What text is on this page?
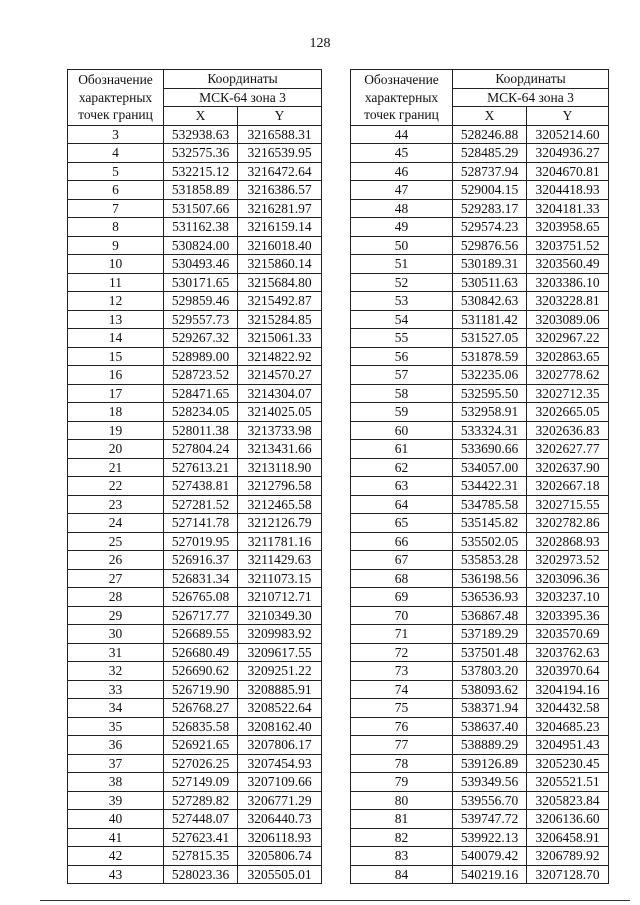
128
Обозначение
характерных
точек границ	Координаты	
	МСК-64 зона 3	
	X	Y
3	532938.63	3216588.31
4	532575.36	3216539.95
5	532215.12	3216472.64
6	531858.89	3216386.57
7	531507.66	3216281.97
8	531162.38	3216159.14
9	530824.00	3216018.40
10	530493.46	3215860.14
11	530171.65	3215684.80
12	529859.46	3215492.87
13	529557.73	3215284.85
14	529267.32	3215061.33
15	528989.00	3214822.92
16	528723.52	3214570.27
17	528471.65	3214304.07
18	528234.05	3214025.05
19	528011.38	3213733.98
20	527804.24	3213431.66
21	527613.21	3213118.90
22	527438.81	3212796.58
23	527281.52	3212465.58
24	527141.78	3212126.79
25	527019.95	3211781.16
26	526916.37	3211429.63
27	526831.34	3211073.15
28	526765.08	3210712.71
29	526717.77	3210349.30
30	526689.55	3209983.92
31	526680.49	3209617.55
32	526690.62	3209251.22
33	526719.90	3208885.91
34	526768.27	3208522.64
35	526835.58	3208162.40
36	526921.65	3207806.17
37	527026.25	3207454.93
38	527149.09	3207109.66
39	527289.82	3206771.29
40	527448.07	3206440.73
41	527623.41	3206118.93
42	527815.35	3205806.74
43	528023.36	3205505.01
Обозначение
характерных
точек границ	Координаты	
	МСК-64 зона 3	
	X	Y
44	528246.88	3205214.60
45	528485.29	3204936.27
46	528737.94	3204670.81
47	529004.15	3204418.93
48	529283.17	3204181.33
49	529574.23	3203958.65
50	529876.56	3203751.52
51	530189.31	3203560.49
52	530511.63	3203386.10
53	530842.63	3203228.81
54	531181.42	3203089.06
55	531527.05	3202967.22
56	531878.59	3202863.65
57	532235.06	3202778.62
58	532595.50	3202712.35
59	532958.91	3202665.05
60	533324.31	3202636.83
61	533690.66	3202627.77
62	534057.00	3202637.90
63	534422.31	3202667.18
64	534785.58	3202715.55
65	535145.82	3202782.86
66	535502.05	3202868.93
67	535853.28	3202973.52
68	536198.56	3203096.36
69	536536.93	3203237.10
70	536867.48	3203395.36
71	537189.29	3203570.69
72	537501.48	3203762.63
73	537803.20	3203970.64
74	538093.62	3204194.16
75	538371.94	3204432.58
76	538637.40	3204685.23
77	538889.29	3204951.43
78	539126.89	3205230.45
79	539349.56	3205521.51
80	539556.70	3205823.84
81	539747.72	3206136.60
82	539922.13	3206458.91
83	540079.42	3206789.92
84	540219.16	3207128.70
